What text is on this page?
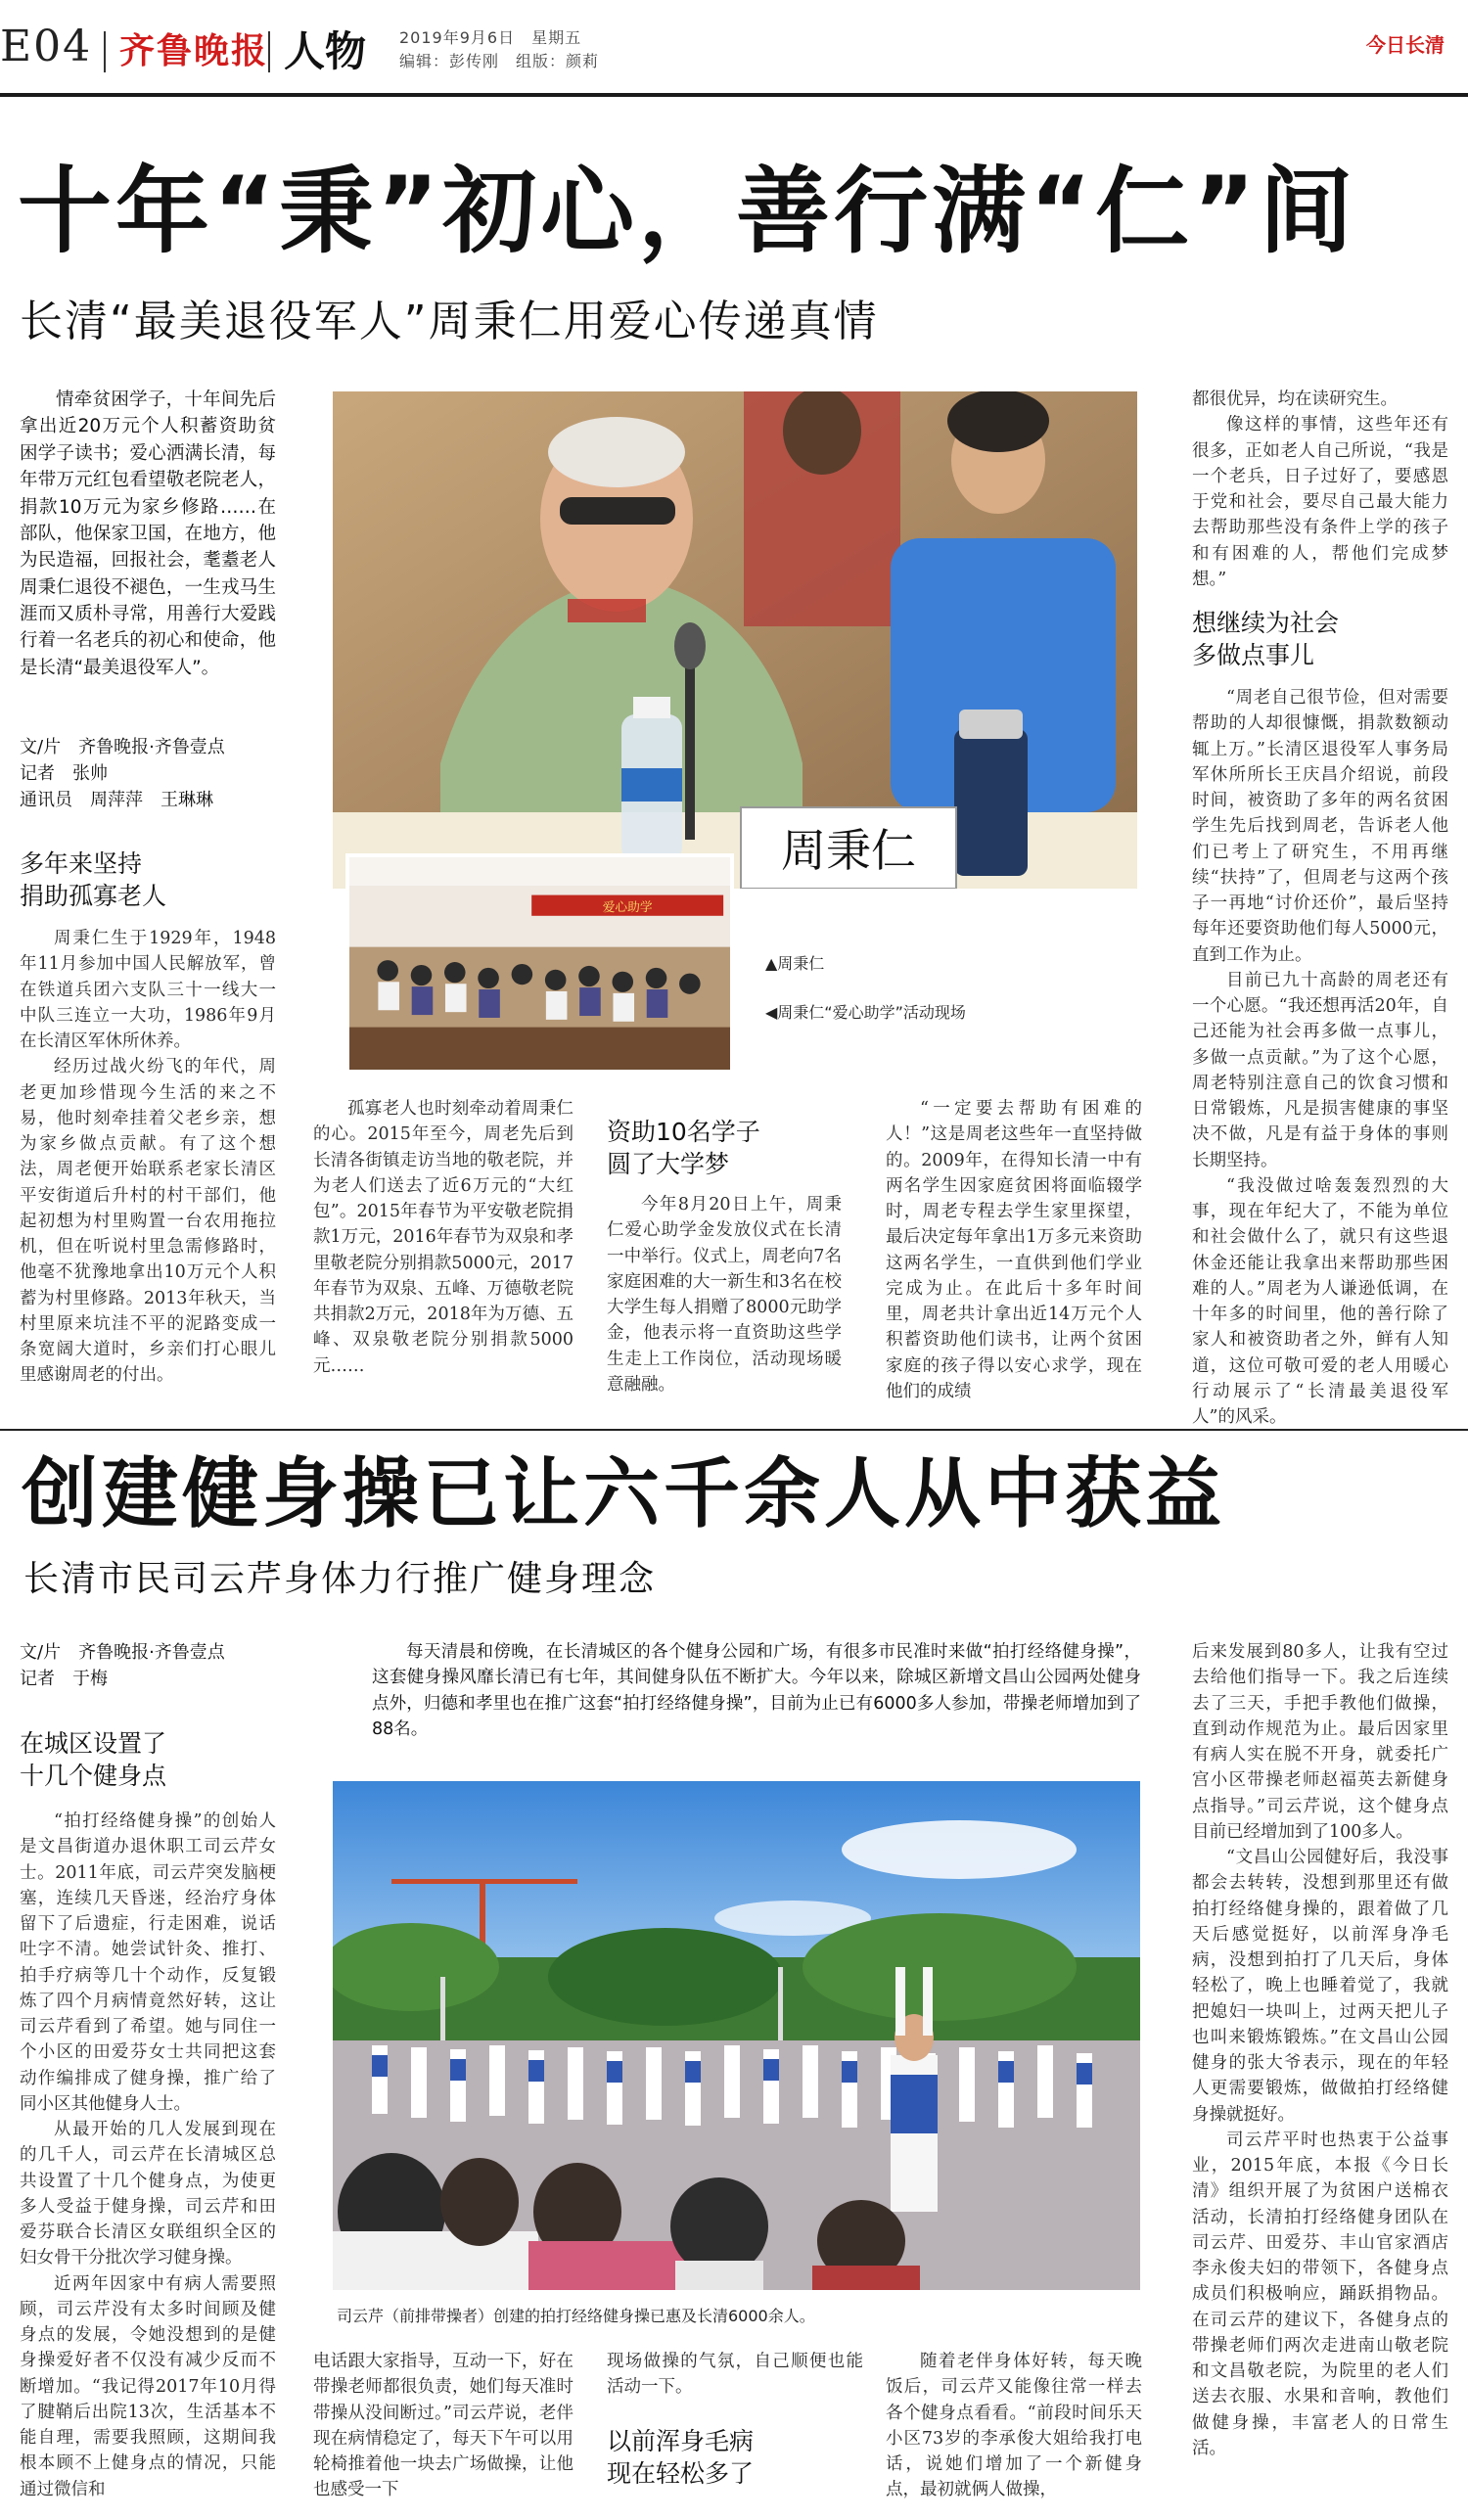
E04 齐鲁晚报 人物 2019年9月6日　星期五
编辑：彭传刚　组版：颜莉
今日长清
十年“秉”初心，善行满“仁”间
长清“最美退役军人”周秉仁用爱心传递真情
情牵贫困学子，十年间先后拿出近20万元个人积蓄资助贫困学子读书；爱心洒满长清，每年带万元红包看望敬老院老人，捐款10万元为家乡修路……在部队，他保家卫国，在地方，他为民造福，回报社会，耄耋老人周秉仁退役不褪色，一生戎马生涯而又质朴寻常，用善行大爱践行着一名老兵的初心和使命，他是长清“最美退役军人”。
文/片　齐鲁晚报·齐鲁壹点
记者　张帅
通讯员　周萍萍　王琳琳
多年来坚持
捐助孤寡老人

周秉仁生于1929年，1948年11月参加中国人民解放军，曾在铁道兵团六支队三十一线大一中队三连立一大功，1986年9月在长清区军休所休养。

经历过战火纷飞的年代，周老更加珍惜现今生活的来之不易，他时刻牵挂着父老乡亲，想为家乡做点贡献。有了这个想法，周老便开始联系老家长清区平安街道后升村的村干部们，他起初想为村里购置一台农用拖拉机，但在听说村里急需修路时，他毫不犹豫地拿出10万元个人积蓄为村里修路。2013年秋天，当村里原来坑洼不平的泥路变成一条宽阔大道时，乡亲们打心眼儿里感谢周老的付出。

周秉仁
爱心助学
▲周秉仁
◀周秉仁“爱心助学”活动现场

孤寡老人也时刻牵动着周秉仁的心。2015年至今，周老先后到长清各街镇走访当地的敬老院，并为老人们送去了近6万元的“大红包”。2015年春节为平安敬老院捐款1万元，2016年春节为双泉和孝里敬老院分别捐款5000元，2017年春节为双泉、五峰、万德敬老院共捐款2万元，2018年为万德、五峰、双泉敬老院分别捐款5000元……

资助10名学子
圆了大学梦

今年8月20日上午，周秉仁爱心助学金发放仪式在长清一中举行。仪式上，周老向7名家庭困难的大一新生和3名在校大学生每人捐赠了8000元助学金，他表示将一直资助这些学生走上工作岗位，活动现场暖意融融。

“一定要去帮助有困难的人！”这是周老这些年一直坚持做的。2009年，在得知长清一中有两名学生因家庭贫困将面临辍学时，周老专程去学生家里探望，最后决定每年拿出1万多元来资助这两名学生，一直供到他们学业完成为止。在此后十多年时间里，周老共计拿出近14万元个人积蓄资助他们读书，让两个贫困家庭的孩子得以安心求学，现在他们的成绩

都很优异，均在读研究生。

像这样的事情，这些年还有很多，正如老人自己所说，“我是一个老兵，日子过好了，要感恩于党和社会，要尽自己最大能力去帮助那些没有条件上学的孩子和有困难的人，帮他们完成梦想。”

想继续为社会
多做点事儿

“周老自己很节俭，但对需要帮助的人却很慷慨，捐款数额动辄上万。”长清区退役军人事务局军休所所长王庆昌介绍说，前段时间，被资助了多年的两名贫困学生先后找到周老，告诉老人他们已考上了研究生，不用再继续“扶持”了，但周老与这两个孩子一再地“讨价还价”，最后坚持每年还要资助他们每人5000元，直到工作为止。

目前已九十高龄的周老还有一个心愿。“我还想再活20年，自己还能为社会再多做一点事儿，多做一点贡献。”为了这个心愿，周老特别注意自己的饮食习惯和日常锻炼，凡是损害健康的事坚决不做，凡是有益于身体的事则长期坚持。

“我没做过啥轰轰烈烈的大事，现在年纪大了，不能为单位和社会做什么了，就只有这些退休金还能让我拿出来帮助那些困难的人。”周老为人谦逊低调，在十年多的时间里，他的善行除了家人和被资助者之外，鲜有人知道，这位可敬可爱的老人用暖心行动展示了“长清最美退役军人”的风采。

创建健身操已让六千余人从中获益
长清市民司云芹身体力行推广健身理念
文/片　齐鲁晚报·齐鲁壹点
记者　于梅
每天清晨和傍晚，在长清城区的各个健身公园和广场，有很多市民准时来做“拍打经络健身操”，这套健身操风靡长清已有七年，其间健身队伍不断扩大。今年以来，除城区新增文昌山公园两处健身点外，归德和孝里也在推广这套“拍打经络健身操”，目前为止已有6000多人参加，带操老师增加到了88名。
在城区设置了
十几个健身点

“拍打经络健身操”的创始人是文昌街道办退休职工司云芹女士。2011年底，司云芹突发脑梗塞，连续几天昏迷，经治疗身体留下了后遗症，行走困难，说话吐字不清。她尝试针灸、推打、拍手疗病等几十个动作，反复锻炼了四个月病情竟然好转，这让司云芹看到了希望。她与同住一个小区的田爱芬女士共同把这套动作编排成了健身操，推广给了同小区其他健身人士。

从最开始的几人发展到现在的几千人，司云芹在长清城区总共设置了十几个健身点，为使更多人受益于健身操，司云芹和田爱芬联合长清区女联组织全区的妇女骨干分批次学习健身操。

近两年因家中有病人需要照顾，司云芹没有太多时间顾及健身点的发展，令她没想到的是健身操爱好者不仅没有减少反而不断增加。“我记得2017年10月得了腱鞘后出院13次，生活基本不能自理，需要我照顾，这期间我根本顾不上健身点的情况，只能通过微信和

司云芹（前排带操者）创建的拍打经络健身操已惠及长清6000余人。

电话跟大家指导，互动一下，好在带操老师都很负责，她们每天准时带操从没间断过。”司云芹说，老伴现在病情稳定了，每天下午可以用轮椅推着他一块去广场做操，让他也感受一下

现场做操的气氛，自己顺便也能活动一下。

以前浑身毛病
现在轻松多了

随着老伴身体好转，每天晚饭后，司云芹又能像往常一样去各个健身点看看。“前段时间乐天小区73岁的李承俊大姐给我打电话，说她们增加了一个新健身点，最初就俩人做操，

后来发展到80多人，让我有空过去给他们指导一下。我之后连续去了三天，手把手教他们做操，直到动作规范为止。最后因家里有病人实在脱不开身，就委托广宫小区带操老师赵福英去新健身点指导。”司云芹说，这个健身点目前已经增加到了100多人。

“文昌山公园健好后，我没事都会去转转，没想到那里还有做拍打经络健身操的，跟着做了几天后感觉挺好，以前浑身净毛病，没想到拍打了几天后，身体轻松了，晚上也睡着觉了，我就把媳妇一块叫上，过两天把儿子也叫来锻炼锻炼。”在文昌山公园健身的张大爷表示，现在的年轻人更需要锻炼，做做拍打经络健身操就挺好。

司云芹平时也热衷于公益事业，2015年底，本报《今日长清》组织开展了为贫困户送棉衣活动，长清拍打经络健身团队在司云芹、田爱芬、丰山官家酒店李永俊夫妇的带领下，各健身点成员们积极响应，踊跃捐物品。在司云芹的建议下，各健身点的带操老师们两次走进南山敬老院和文昌敬老院，为院里的老人们送去衣服、水果和音响，教他们做健身操，丰富老人的日常生活。
